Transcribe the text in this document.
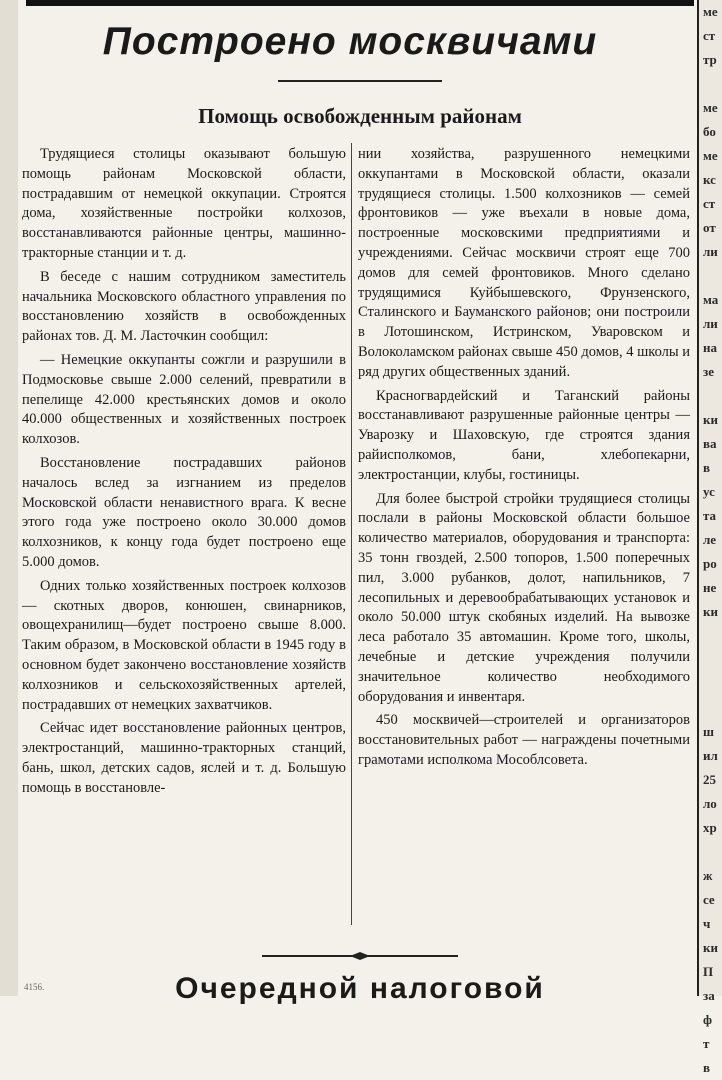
Построено москвичами
Помощь освобожденным районам

Трудящиеся столицы оказывают большую помощь районам Московской области, пострадавшим от немецкой оккупации. Строятся дома, хозяйственные постройки колхозов, восстанавливаются районные центры, машинно-тракторные станции и т. д.

В беседе с нашим сотрудником заместитель начальника Московского областного управления по восстановлению хозяйств в освобожденных районах тов. Д. М. Ласточкин сообщил:

— Немецкие оккупанты сожгли и разрушили в Подмосковье свыше 2.000 селений, превратили в пепелище 42.000 крестьянских домов и около 40.000 общественных и хозяйственных построек колхозов.

Восстановление пострадавших районов началось вслед за изгнанием из пределов Московской области ненавистного врага. К весне этого года уже построено около 30.000 домов колхозников, к концу года будет построено еще 5.000 домов.

Одних только хозяйственных построек колхозов — скотных дворов, конюшен, свинарников, овощехранилищ—будет построено свыше 8.000. Таким образом, в Московской области в 1945 году в основном будет закончено восстановление хозяйств колхозников и сельскохозяйственных артелей, пострадавших от немецких захватчиков.

Сейчас идет восстановление районных центров, электростанций, машинно-тракторных станций, бань, школ, детских садов, яслей и т. д. Большую помощь в восстановле-

нии хозяйства, разрушенного немецкими оккупантами в Московской области, оказали трудящиеся столицы. 1.500 колхозников — семей фронтовиков — уже въехали в новые дома, построенные московскими предприятиями и учреждениями. Сейчас москвичи строят еще 700 домов для семей фронтовиков. Много сделано трудящимися Куйбышевского, Фрунзенского, Сталинского и Бауманского районов; они построили в Лотошинском, Истринском, Уваровском и Волоколамском районах свыше 450 домов, 4 школы и ряд других общественных зданий.

Красногвардейский и Таганский районы восстанавливают разрушенные районные центры — Уварозку и Шаховскую, где строятся здания райисполкомов, бани, хлебопекарни, электростанции, клубы, гостиницы.

Для более быстрой стройки трудящиеся столицы послали в районы Московской области большое количество материалов, оборудования и транспорта: 35 тонн гвоздей, 2.500 топоров, 1.500 поперечных пил, 3.000 рубанков, долот, напильников, 7 лесопильных и деревообрабатывающих установок и около 50.000 штук скобяных изделий. На вывозке леса работало 35 автомашин. Кроме того, школы, лечебные и детские учреждения получили значительное количество необходимого оборудования и инвентаря.

450 москвичей—строителей и организаторов восстановительных работ — награждены почетными грамотами исполкома Мособлсовета.

ме
ст
тр

ме
бо
ме
кс
ст
от
ли

ма
ли
на
зе

ки
ва
в
ус
та
ле
ро
не
ки

ш
ил
25
ло
хр

ж
се
ч
ки
П
за
ф
т
в
Очередной налоговой
4156.
